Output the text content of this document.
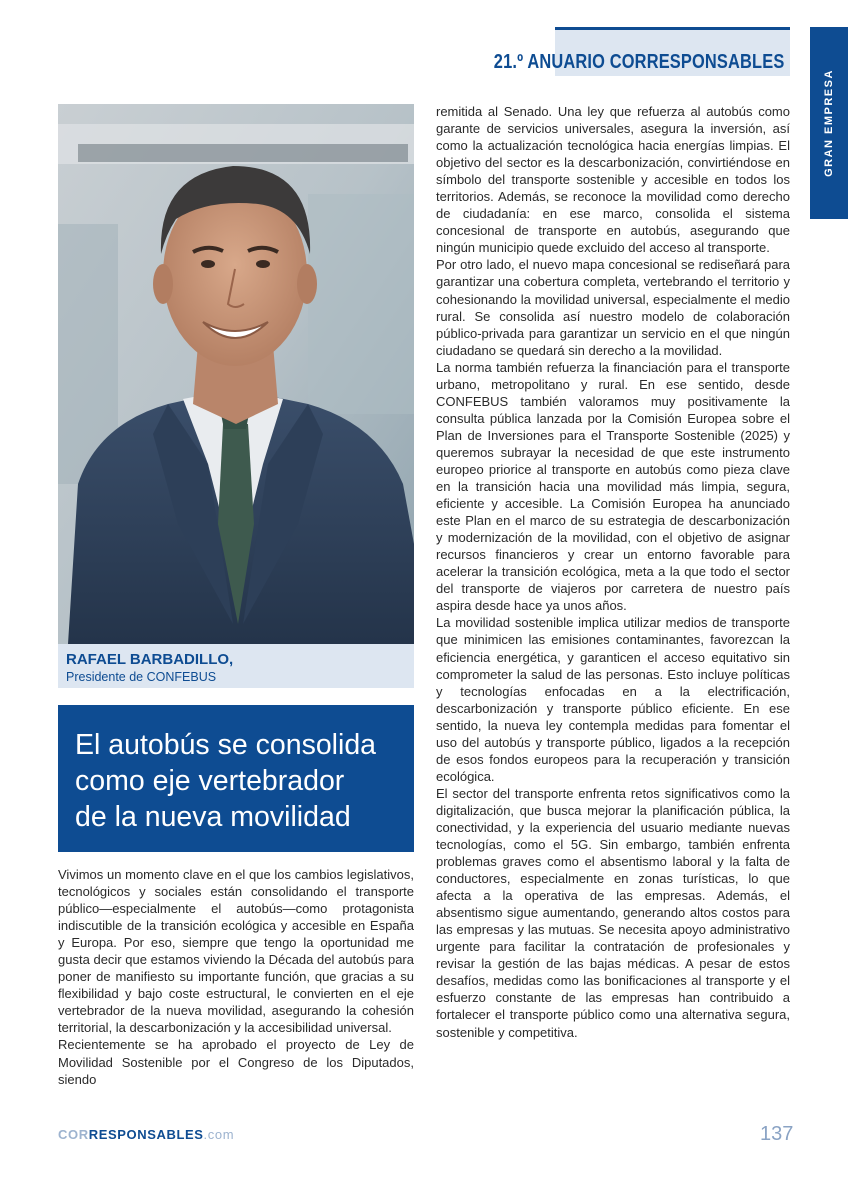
21.º ANUARIO CORRESPONSABLES
GRAN EMPRESA
RAFAEL BARBADILLO,
Presidente de CONFEBUS
El autobús se consolida
como eje vertebrador
de la nueva movilidad
Vivimos un momento clave en el que los cambios legislativos, tecnológicos y sociales están consolidando el transporte público—especialmente el autobús—como protagonista indiscutible de la transición ecológica y accesible en España y Europa. Por eso, siempre que tengo la oportunidad me gusta decir que estamos viviendo la Década del autobús para poner de manifiesto su importante función, que gracias a su flexibilidad y bajo coste estructural, le convierten en el eje vertebrador de la nueva movilidad, asegurando la cohesión territorial, la descarbonización y la accesibilidad universal.
Recientemente se ha aprobado el proyecto de Ley de Movilidad Sostenible por el Congreso de los Diputados, siendo
remitida al Senado. Una ley que refuerza al autobús como garante de servicios universales, asegura la inversión, así como la actualización tecnológica hacia energías limpias. El objetivo del sector es la descarbonización, convirtiéndose en símbolo del transporte sostenible y accesible en todos los territorios. Además, se reconoce la movilidad como derecho de ciudadanía: en ese marco, consolida el sistema concesional de transporte en autobús, asegurando que ningún municipio quede excluido del acceso al transporte.
Por otro lado, el nuevo mapa concesional se rediseñará para garantizar una cobertura completa, vertebrando el territorio y cohesionando la movilidad universal, especialmente el medio rural. Se consolida así nuestro modelo de colaboración público-privada para garantizar un servicio en el que ningún ciudadano se quedará sin derecho a la movilidad.
La norma también refuerza la financiación para el transporte urbano, metropolitano y rural. En ese sentido, desde CONFEBUS también valoramos muy positivamente la consulta pública lanzada por la Comisión Europea sobre el Plan de Inversiones para el Transporte Sostenible (2025) y queremos subrayar la necesidad de que este instrumento europeo priorice al transporte en autobús como pieza clave en la transición hacia una movilidad más limpia, segura, eficiente y accesible. La Comisión Europea ha anunciado este Plan en el marco de su estrategia de descarbonización y modernización de la movilidad, con el objetivo de asignar recursos financieros y crear un entorno favorable para acelerar la transición ecológica, meta a la que todo el sector del transporte de viajeros por carretera de nuestro país aspira desde hace ya unos años.
La movilidad sostenible implica utilizar medios de transporte que minimicen las emisiones contaminantes, favorezcan la eficiencia energética, y garanticen el acceso equitativo sin comprometer la salud de las personas. Esto incluye políticas y tecnologías enfocadas en a la electrificación, descarbonización y transporte público eficiente. En ese sentido, la nueva ley contempla medidas para fomentar el uso del autobús y transporte público, ligados a la recepción de esos fondos europeos para la recuperación y transición ecológica.
El sector del transporte enfrenta retos significativos como la digitalización, que busca mejorar la planificación pública, la conectividad, y la experiencia del usuario mediante nuevas tecnologías, como el 5G. Sin embargo, también enfrenta problemas graves como el absentismo laboral y la falta de conductores, especialmente en zonas turísticas, lo que afecta a la operativa de las empresas. Además, el absentismo sigue aumentando, generando altos costos para las empresas y las mutuas. Se necesita apoyo administrativo urgente para facilitar la contratación de profesionales y revisar la gestión de las bajas médicas. A pesar de estos desafíos, medidas como las bonificaciones al transporte y el esfuerzo constante de las empresas han contribuido a fortalecer el transporte público como una alternativa segura, sostenible y competitiva.
CORRESPONSABLES.com	137
